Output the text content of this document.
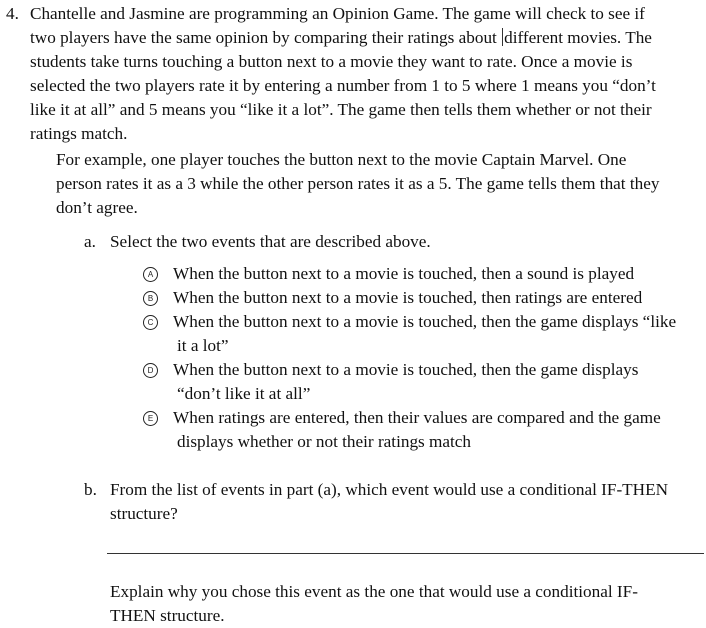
4. Chantelle and Jasmine are programming an Opinion Game. The game will check to see if
two players have the same opinion by comparing their ratings about different movies. The
students take turns touching a button next to a movie they want to rate. Once a movie is
selected the two players rate it by entering a number from 1 to 5 where 1 means you “don’t
like it at all” and 5 means you “like it a lot”. The game then tells them whether or not their
ratings match.
For example, one player touches the button next to the movie Captain Marvel. One
person rates it as a 3 while the other person rates it as a 5. The game tells them that they
don’t agree.
a. Select the two events that are described above.
A When the button next to a movie is touched, then a sound is played
B When the button next to a movie is touched, then ratings are entered
C When the button next to a movie is touched, then the game displays “like
it a lot”
D When the button next to a movie is touched, then the game displays
“don’t like it at all”
E When ratings are entered, then their values are compared and the game
displays whether or not their ratings match
b. From the list of events in part (a), which event would use a conditional IF-THEN
structure?
Explain why you chose this event as the one that would use a conditional IF-
THEN structure.
